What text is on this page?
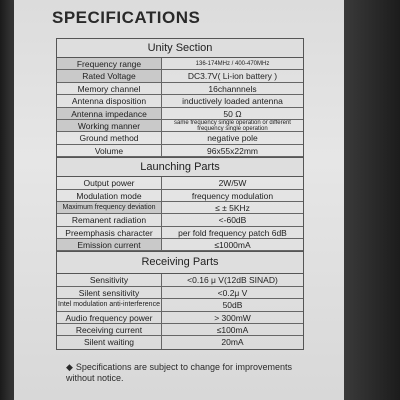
SPECIFICATIONS
Unity Section
Frequency range	136-174MHz / 400-470MHz
Rated Voltage	DC3.7V( Li-ion battery )
Memory channel	16channnels
Antenna disposition	inductively loaded antenna
Antenna impedance	50 Ω
Working manner	same frequency single operation or different frequency single operation
Ground method	negative pole
Volume	96x55x22mm
Launching Parts
Output power	2W/5W
Modulation mode	frequency modulation
Maximum frequency deviation	≤ ± 5KHz
Remanent radiation	<-60dB
Preemphasis character	per fold frequency patch 6dB
Emission current	≤1000mA
Receiving Parts
Sensitivity	<0.16 μ V(12dB SINAD)
Silent sensitivity	<0.2μ V
Intel modulation anti-interference	50dB
Audio frequency power	> 300mW
Receiving current	≤100mA
Silent waiting	20mA
◆ Specifications are subject to change for improvements without notice.
